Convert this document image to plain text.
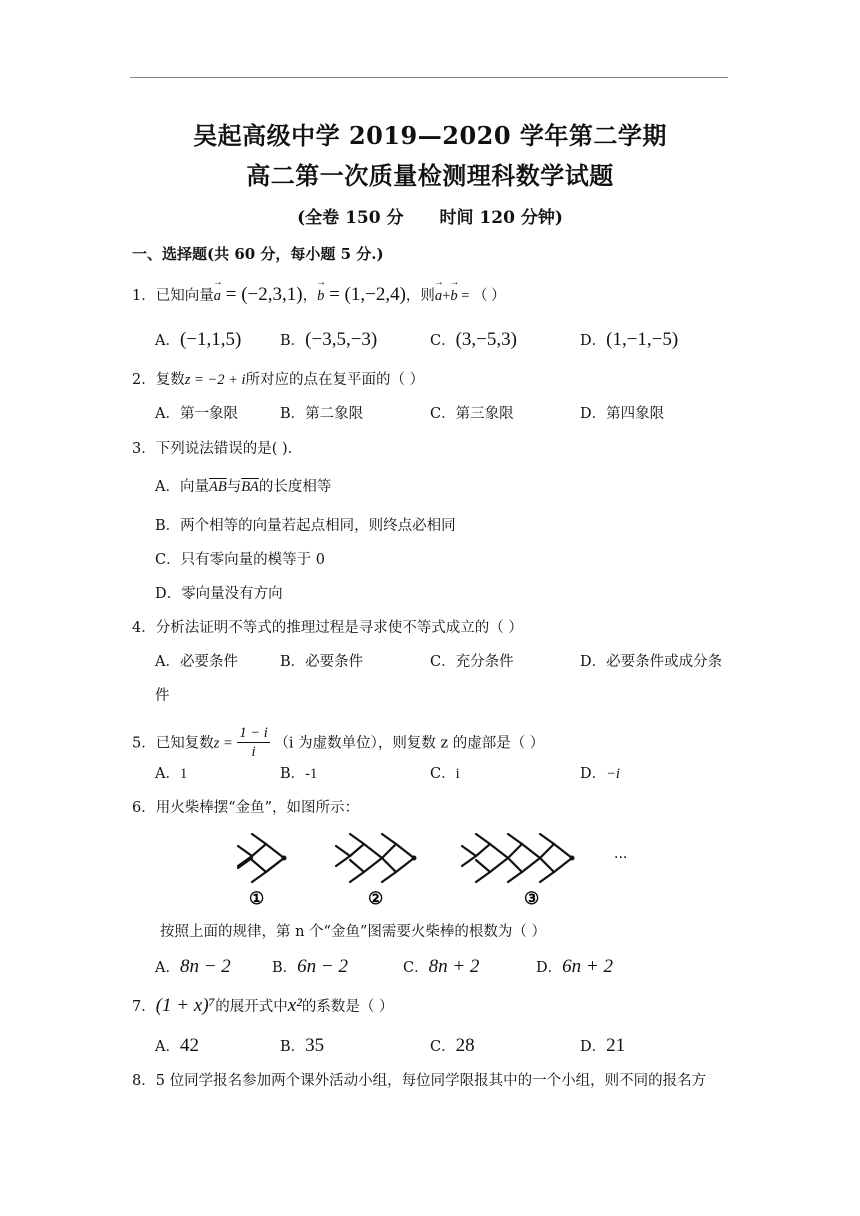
吴起高级中学 2019—2020 学年第二学期
高二第一次质量检测理科数学试题
(全卷 150 分 时间 120 分钟)
一、选择题(共 60 分，每小题 5 分.)
1．已知向量→ a = (−2,3,1)，→ b = (1,−2,4)，则→ a+→ b = （ ）
A．(−1,1,5)	B．(−3,5,−3)	C．(3,−5,3)	D．(1,−1,−5)
2．复数z = −2 + i所对应的点在复平面的（ ）
A．第一象限	B．第二象限	C．第三象限	D．第四象限
3．下列说法错误的是( ).
A．向量$\overline{AB}$与$\overline{BA}$的长度相等
B．两个相等的向量若起点相同，则终点必相同
C．只有零向量的模等于 0
D．零向量没有方向
4．分析法证明不等式的推理过程是寻求使不等式成立的（ ）
A．必要条件	B．必要条件	C．充分条件	D．必要条件或成分条
件
5．已知复数$z = \frac{1 - i}{i} (i$ 为虚数单位），则复数 z 的虚部是（ ）
A．1	B．-1	C．i	D．−i
6．用火柴棒摆“金鱼”，如图所示：
①	②	③
···
按照上面的规律，第 n 个“金鱼”图需要火柴棒的根数为（ ）
A．8n − 2	B．6n − 2	C．8n + 2	D．6n + 2
7．(1 + x)⁷的展开式中x²的系数是（ ）
A．42	B．35	C．28	D．21
8．5 位同学报名参加两个课外活动小组，每位同学限报其中的一个小组，则不同的报名方
